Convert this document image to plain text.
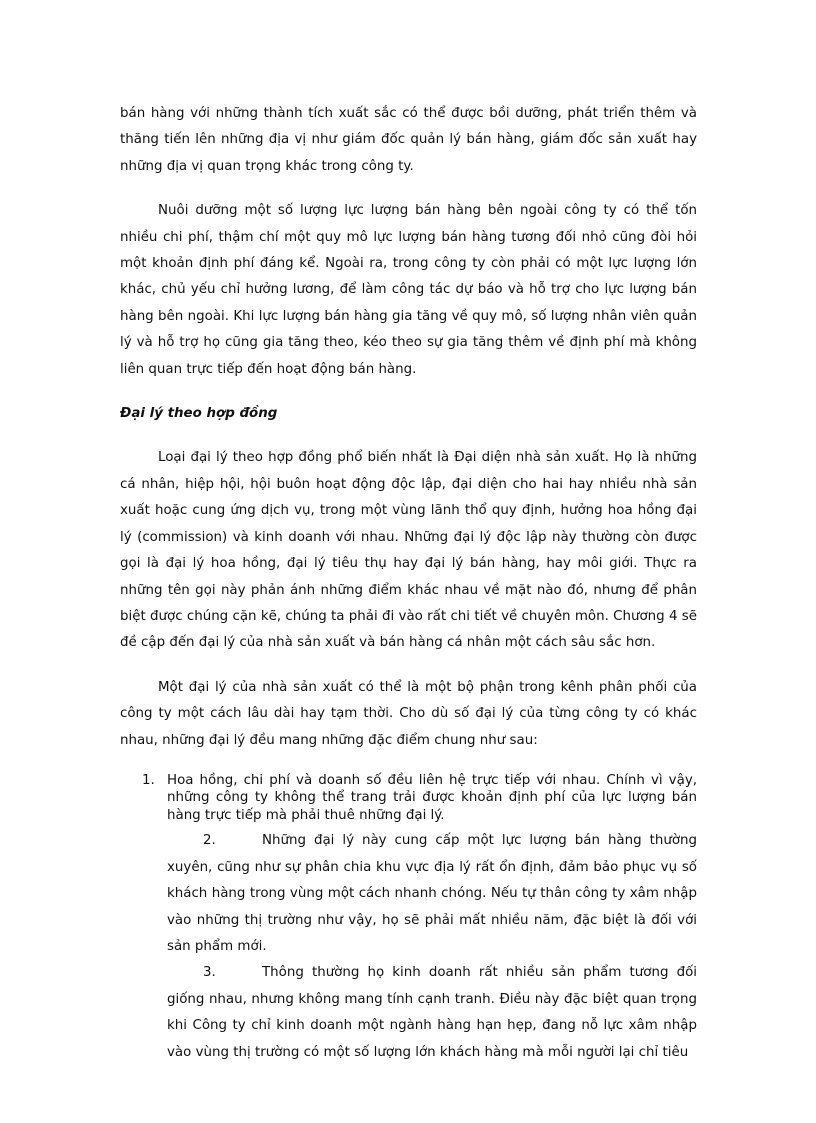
bán hàng với những thành tích xuất sắc có thể được bồi dưỡng, phát triển thêm và thăng tiến lên những địa vị như giám đốc quản lý bán hàng, giám đốc sản xuất hay những địa vị quan trọng khác trong công ty.

Nuôi dưỡng một số lượng lực lượng bán hàng bên ngoài công ty có thể tốn nhiều chi phí, thậm chí một quy mô lực lượng bán hàng tương đối nhỏ cũng đòi hỏi một khoản định phí đáng kể. Ngoài ra, trong công ty còn phải có một lực lượng lớn khác, chủ yếu chỉ hưởng lương, để làm công tác dự báo và hỗ trợ cho lực lượng bán hàng bên ngoài. Khi lực lượng bán hàng gia tăng về quy mô, số lượng nhân viên quản lý và hỗ trợ họ cũng gia tăng theo, kéo theo sự gia tăng thêm về định phí mà không liên quan trực tiếp đến hoạt động bán hàng.

Đại lý theo hợp đồng

Loại đại lý theo hợp đồng phổ biến nhất là Đại diện nhà sản xuất. Họ là những cá nhân, hiệp hội, hội buôn hoạt động độc lập, đại diện cho hai hay nhiều nhà sản xuất hoặc cung ứng dịch vụ, trong một vùng lãnh thổ quy định, hưởng hoa hồng đại lý (commission) và kinh doanh với nhau. Những đại lý độc lập này thường còn được gọi là đại lý hoa hồng, đại lý tiêu thụ hay đại lý bán hàng, hay môi giới. Thực ra những tên gọi này phản ánh những điểm khác nhau về mặt nào đó, nhưng để phân biệt được chúng cặn kẽ, chúng ta phải đi vào rất chi tiết về chuyên môn. Chương 4 sẽ đề cập đến đại lý của nhà sản xuất và bán hàng cá nhân một cách sâu sắc hơn.

Một đại lý của nhà sản xuất có thể là một bộ phận trong kênh phân phối của công ty một cách lâu dài hay tạm thời. Cho dù số đại lý của từng công ty có khác nhau, những đại lý đều mang những đặc điểm chung như sau:

1. Hoa hồng, chi phí và doanh số đều liên hệ trực tiếp với nhau. Chính vì vậy, những công ty không thể trang trải được khoản định phí của lực lượng bán hàng trực tiếp mà phải thuê những đại lý.
2.	Những đại lý này cung cấp một lực lượng bán hàng thường xuyên, cũng như sự phân chia khu vực địa lý rất ổn định, đảm bảo phục vụ số khách hàng trong vùng một cách nhanh chóng. Nếu tự thân công ty xâm nhập vào những thị trường như vậy, họ sẽ phải mất nhiều năm, đặc biệt là đối với sản phẩm mới.
3.	Thông thường họ kinh doanh rất nhiều sản phẩm tương đối giống nhau, nhưng không mang tính cạnh tranh. Điều này đặc biệt quan trọng khi Công ty chỉ kinh doanh một ngành hàng hạn hẹp, đang nỗ lực xâm nhập vào vùng thị trường có một số lượng lớn khách hàng mà mỗi người lại chỉ tiêu
